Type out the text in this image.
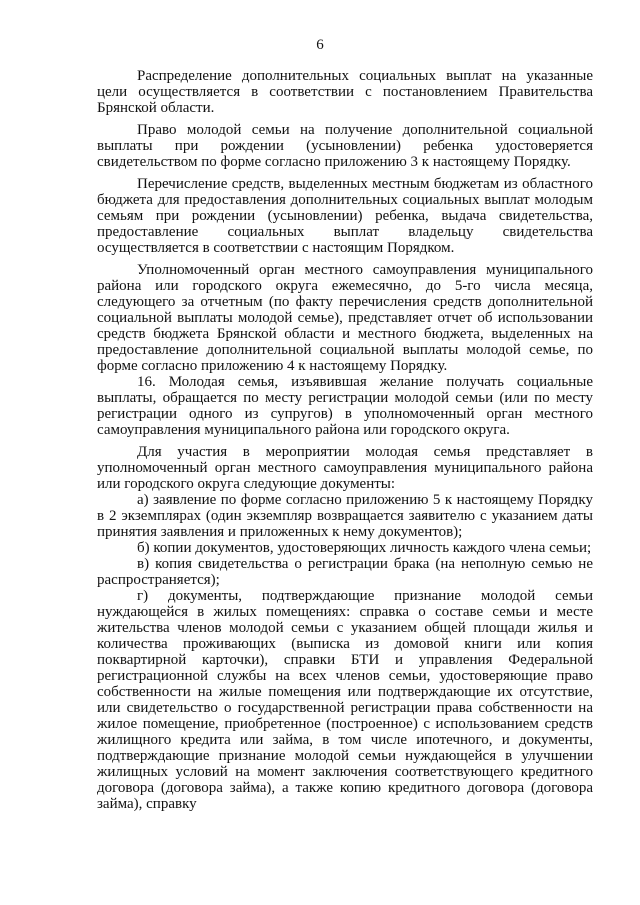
6

Распределение дополнительных социальных выплат на указанные цели осуществляется в соответствии с постановлением Правительства Брянской области.

Право молодой семьи на получение дополнительной социальной выплаты при рождении (усыновлении) ребенка удостоверяется свидетельством по форме согласно приложению 3 к настоящему Порядку.

Перечисление средств, выделенных местным бюджетам из областного бюджета для предоставления дополнительных социальных выплат молодым семьям при рождении (усыновлении) ребенка, выдача свидетельства, предоставление социальных выплат владельцу свидетельства осуществляется в соответствии с настоящим Порядком.

Уполномоченный орган местного самоуправления муниципального района или городского округа ежемесячно, до 5-го числа месяца, следующего за отчетным (по факту перечисления средств дополнительной социальной выплаты молодой семье), представляет отчет об использовании средств бюджета Брянской области и местного бюджета, выделенных на предоставление дополнительной социальной выплаты молодой семье, по форме согласно приложению 4 к настоящему Порядку.

16. Молодая семья, изъявившая желание получать социальные выплаты, обращается по месту регистрации молодой семьи (или по месту регистрации одного из супругов) в уполномоченный орган местного самоуправления муниципального района или городского округа.

Для участия в мероприятии молодая семья представляет в уполномоченный орган местного самоуправления муниципального района или городского округа следующие документы:

а) заявление по форме согласно приложению 5 к настоящему Порядку в 2 экземплярах (один экземпляр возвращается заявителю с указанием даты принятия заявления и приложенных к нему документов);

б) копии документов, удостоверяющих личность каждого члена семьи;

в) копия свидетельства о регистрации брака (на неполную семью не распространяется);

г) документы, подтверждающие признание молодой семьи нуждающейся в жилых помещениях: справка о составе семьи и месте жительства членов молодой семьи с указанием общей площади жилья и количества проживающих (выписка из домовой книги или копия поквартирной карточки), справки БТИ и управления Федеральной регистрационной службы на всех членов семьи, удостоверяющие право собственности на жилые помещения или подтверждающие их отсутствие, или свидетельство о государственной регистрации права собственности на жилое помещение, приобретенное (построенное) с использованием средств жилищного кредита или займа, в том числе ипотечного, и документы, подтверждающие признание молодой семьи нуждающейся в улучшении жилищных условий на момент заключения соответствующего кредитного договора (договора займа), а также копию кредитного договора (договора займа), справку
